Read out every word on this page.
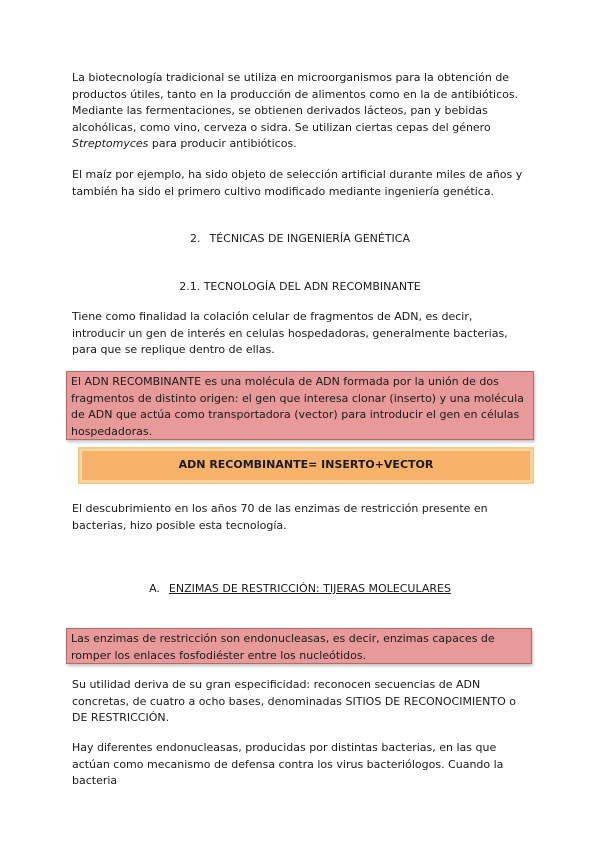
La biotecnología tradicional se utiliza en microorganismos para la obtención de productos útiles, tanto en la producción de alimentos como en la de antibióticos. Mediante las fermentaciones, se obtienen derivados lácteos, pan y bebidas alcohólicas, como vino, cerveza o sidra. Se utilizan ciertas cepas del género Streptomyces para producir antibióticos.

El maíz por ejemplo, ha sido objeto de selección artificial durante miles de años y también ha sido el primero cultivo modificado mediante ingeniería genética.

2. TÉCNICAS DE INGENIERÍA GENÉTICA

2.1. TECNOLOGÍA DEL ADN RECOMBINANTE

Tiene como finalidad la colación celular de fragmentos de ADN, es decir, introducir un gen de interés en celulas hospedadoras, generalmente bacterias, para que se replique dentro de ellas.

El ADN RECOMBINANTE es una molécula de ADN formada por la unión de dos fragmentos de distinto origen: el gen que interesa clonar (inserto) y una molécula de ADN que actúa como transportadora (vector) para introducir el gen en células hospedadoras.
ADN RECOMBINANTE= INSERTO+VECTOR

El descubrimiento en los años 70 de las enzimas de restricción presente en bacterias, hizo posible esta tecnología.

A. ENZIMAS DE RESTRICCIÓN: TIJERAS MOLECULARES

Las enzimas de restricción son endonucleasas, es decir, enzimas capaces de romper los enlaces fosfodiéster entre los nucleótidos.

Su utilidad deriva de su gran especificidad: reconocen secuencias de ADN concretas, de cuatro a ocho bases, denominadas SITIOS DE RECONOCIMIENTO o DE RESTRICCIÓN.

Hay diferentes endonucleasas, producidas por distintas bacterias, en las que actúan como mecanismo de defensa contra los virus bacteriólogos. Cuando la bacteria
